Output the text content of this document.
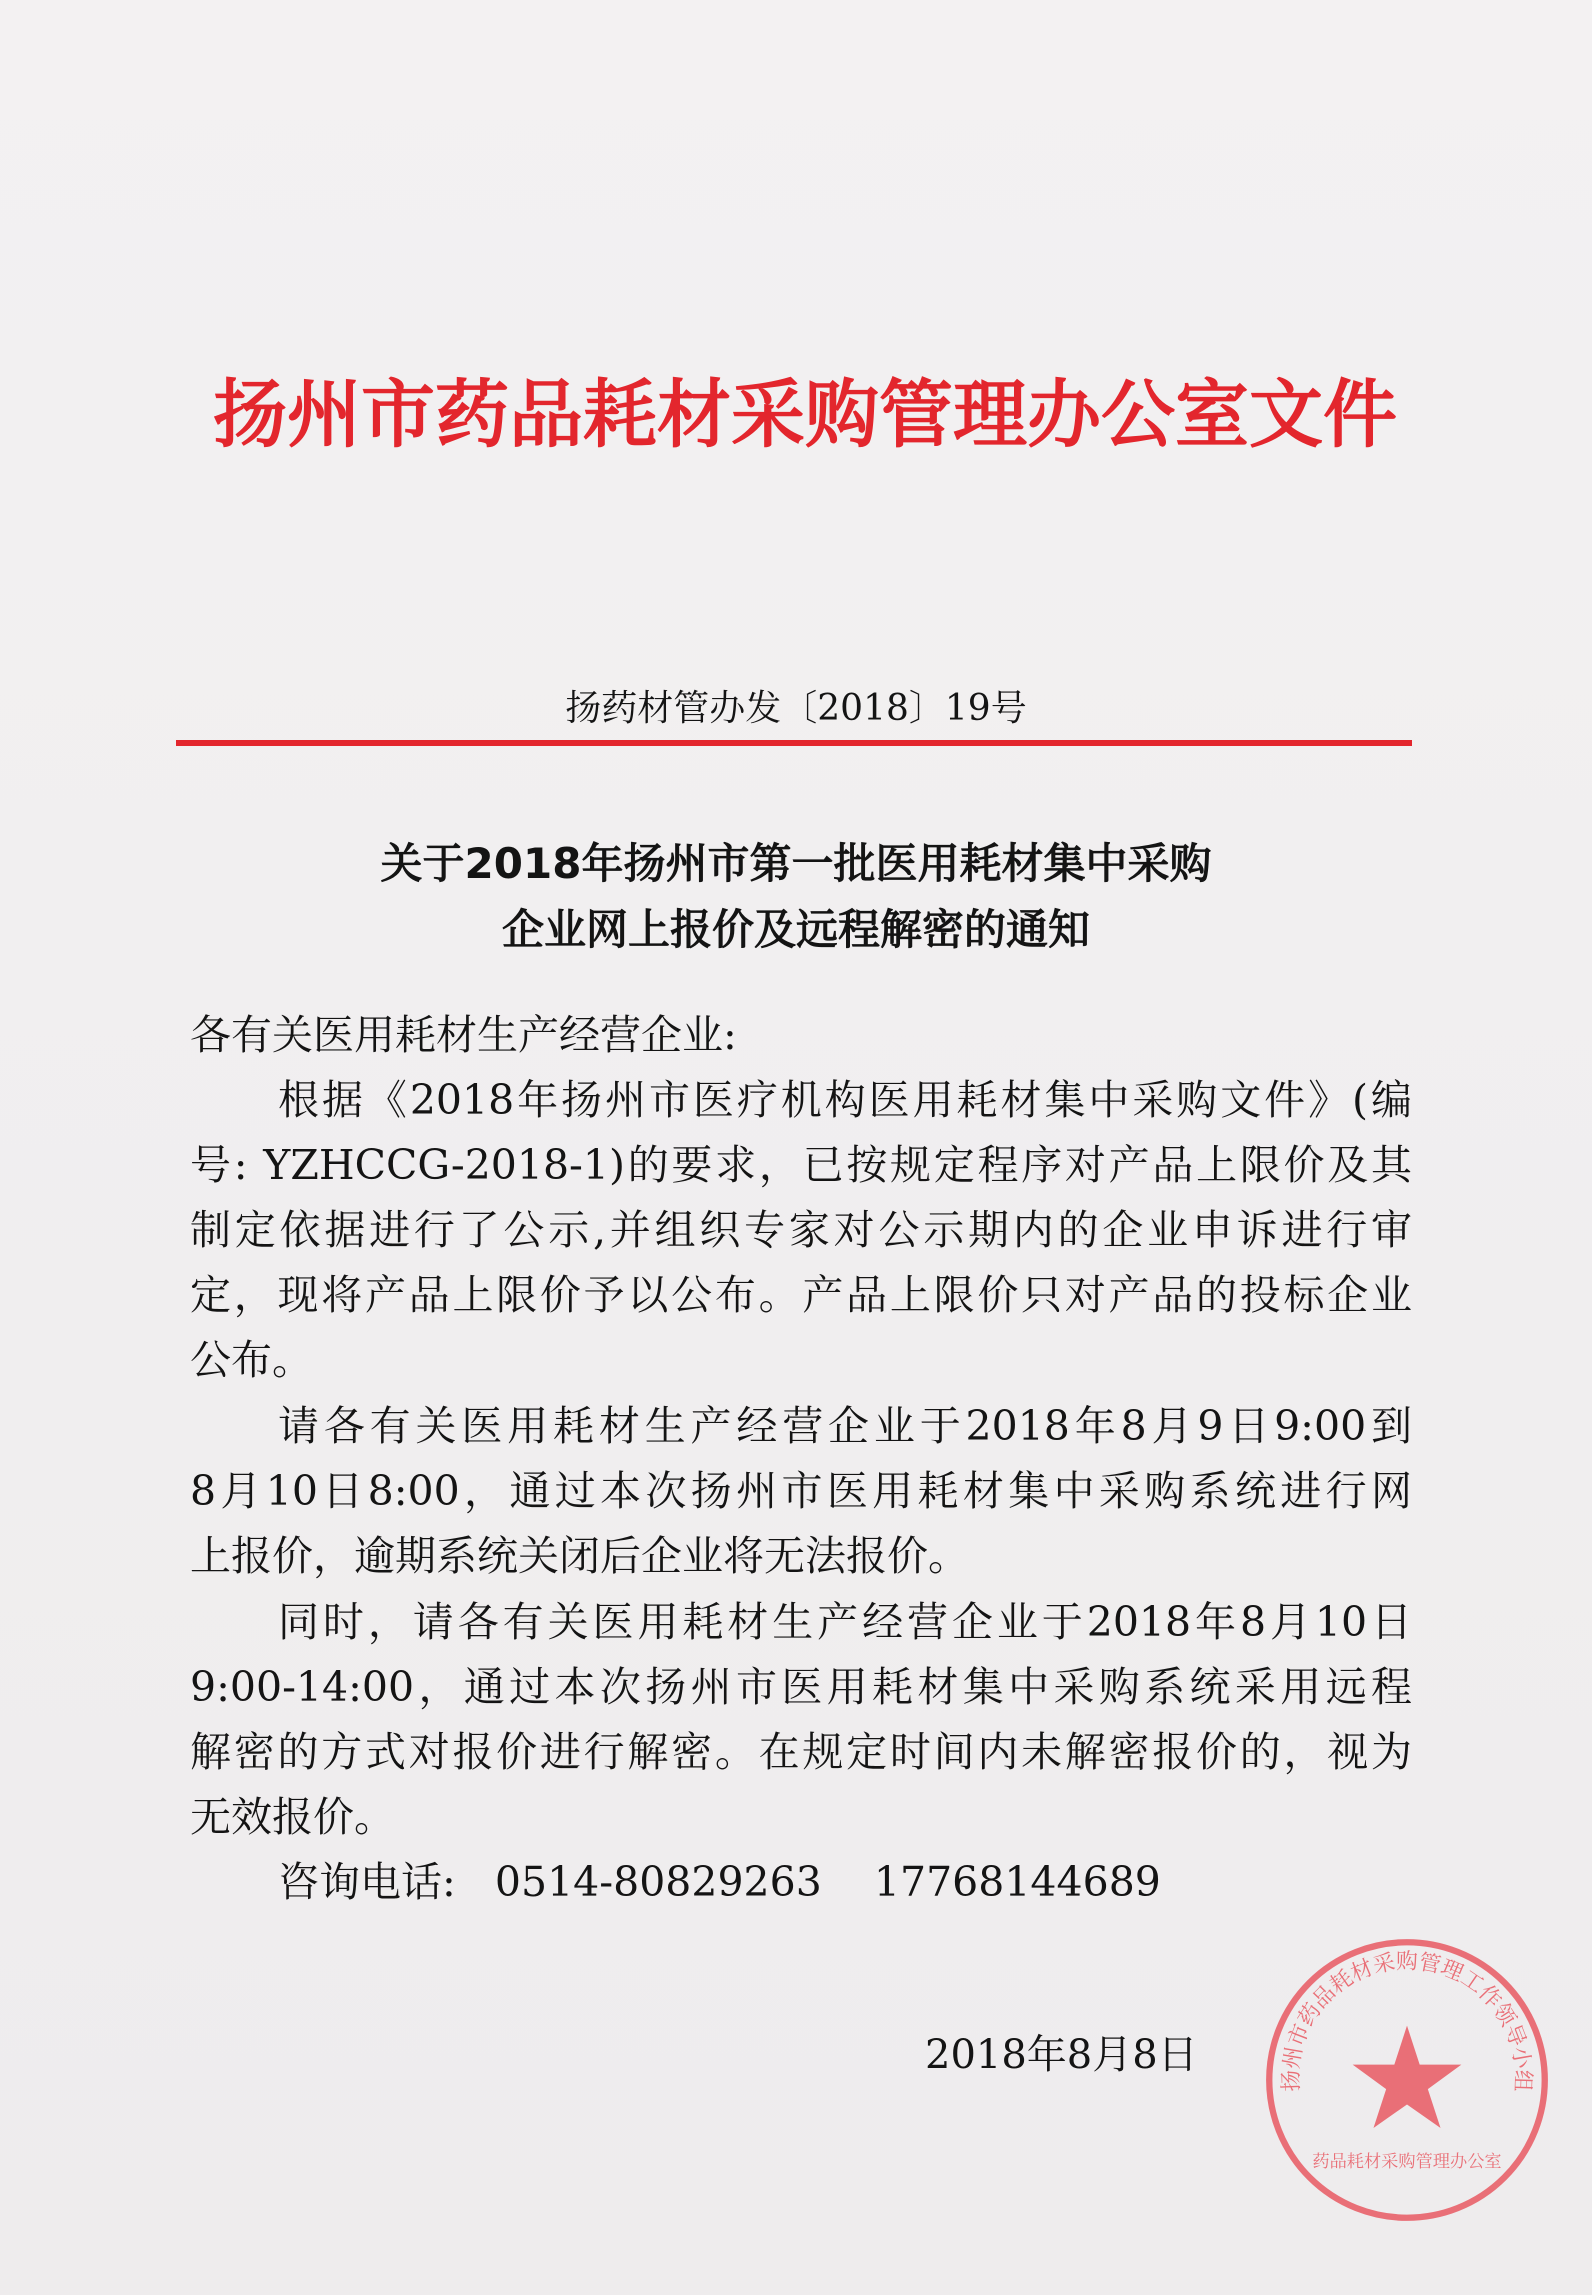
扬州市药品耗材采购管理办公室文件
扬药材管办发〔2018〕19号
关于2018年扬州市第一批医用耗材集中采购
企业网上报价及远程解密的通知
各有关医用耗材生产经营企业:
根据《2018年扬州市医疗机构医用耗材集中采购文件》(编
号: YZHCCG-2018-1)的要求，已按规定程序对产品上限价及其
制定依据进行了公示,并组织专家对公示期内的企业申诉进行审
定，现将产品上限价予以公布。产品上限价只对产品的投标企业
公布。
请各有关医用耗材生产经营企业于2018年8月9日9:00到
8月10日8:00，通过本次扬州市医用耗材集中采购系统进行网
上报价，逾期系统关闭后企业将无法报价。
同时，请各有关医用耗材生产经营企业于2018年8月10日
9:00-14:00，通过本次扬州市医用耗材集中采购系统采用远程
解密的方式对报价进行解密。在规定时间内未解密报价的，视为
无效报价。
咨询电话:   0514-80829263    17768144689
2018年8月8日
扬州市药品耗材采购管理工作领导小组
药品耗材采购管理办公室
